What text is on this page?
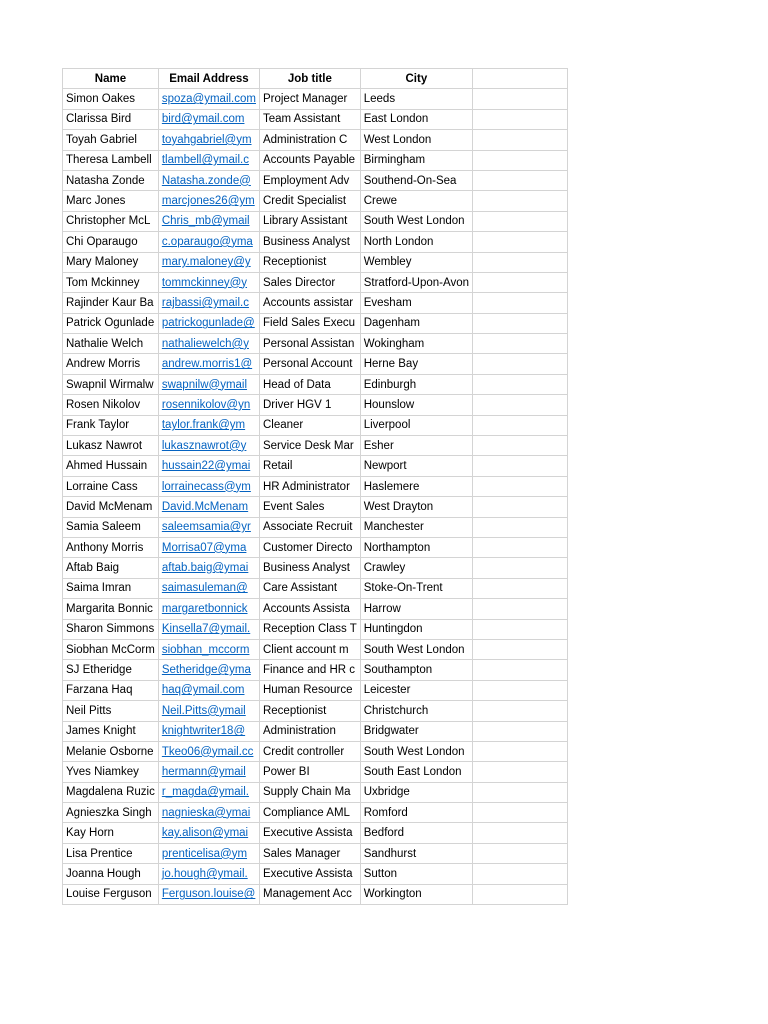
Name	Email Address	Job title	City	
Simon Oakes	spoza@ymail.com	Project Manager	Leeds	
Clarissa Bird	bird@ymail.com	Team Assistant	East London	
Toyah Gabriel	toyahgabriel@ym	Administration C	West London	
Theresa Lambell	tlambell@ymail.c	Accounts Payable	Birmingham	
Natasha Zonde	Natasha.zonde@	Employment Adv	Southend-On-Sea	
Marc Jones	marcjones26@ym	Credit Specialist	Crewe	
Christopher McL	Chris_mb@ymail	Library Assistant	South West London	
Chi Oparaugo	c.oparaugo@yma	Business Analyst	North London	
Mary Maloney	mary.maloney@y	Receptionist	Wembley	
Tom Mckinney	tommckinney@y	Sales Director	Stratford-Upon-Avon	
Rajinder Kaur Ba	rajbassi@ymail.c	Accounts assistar	Evesham	
Patrick Ogunlade	patrickogunlade@	Field Sales Execu	Dagenham	
Nathalie Welch	nathaliewelch@y	Personal Assistan	Wokingham	
Andrew Morris	andrew.morris1@	Personal Account	Herne Bay	
Swapnil Wirmalw	swapnilw@ymail	Head of Data	Edinburgh	
Rosen Nikolov	rosennikolov@yn	Driver HGV 1	Hounslow	
Frank Taylor	taylor.frank@ym	Cleaner	Liverpool	
Lukasz Nawrot	lukasznawrot@y	Service Desk Mar	Esher	
Ahmed Hussain	hussain22@ymai	Retail	Newport	
Lorraine Cass	lorrainecass@ym	HR Administrator	Haslemere	
David McMenam	David.McMenam	Event Sales	West Drayton	
Samia Saleem	saleemsamia@yr	Associate Recruit	Manchester	
Anthony Morris	Morrisa07@yma	Customer Directo	Northampton	
Aftab Baig	aftab.baig@ymai	Business Analyst	Crawley	
Saima Imran	saimasuleman@	Care Assistant	Stoke-On-Trent	
Margarita Bonnic	margaretbonnick	Accounts Assista	Harrow	
Sharon Simmons	Kinsella7@ymail.	Reception Class T	Huntingdon	
Siobhan McCorm	siobhan_mccorm	Client account m	South West London	
SJ Etheridge	Setheridge@yma	Finance and HR c	Southampton	
Farzana Haq	haq@ymail.com	Human Resource	Leicester	
Neil Pitts	Neil.Pitts@ymail	Receptionist	Christchurch	
James Knight	knightwriter18@	Administration	Bridgwater	
Melanie Osborne	Tkeo06@ymail.cc	Credit controller	South West London	
Yves Niamkey	hermann@ymail	Power BI	South East London	
Magdalena Ruzic	r_magda@ymail.	Supply Chain Ma	Uxbridge	
Agnieszka Singh	nagnieska@ymai	Compliance AML	Romford	
Kay Horn	kay.alison@ymai	Executive Assista	Bedford	
Lisa Prentice	prenticelisa@ym	Sales Manager	Sandhurst	
Joanna Hough	jo.hough@ymail.	Executive Assista	Sutton	
Louise Ferguson	Ferguson.louise@	Management Acc	Workington	
